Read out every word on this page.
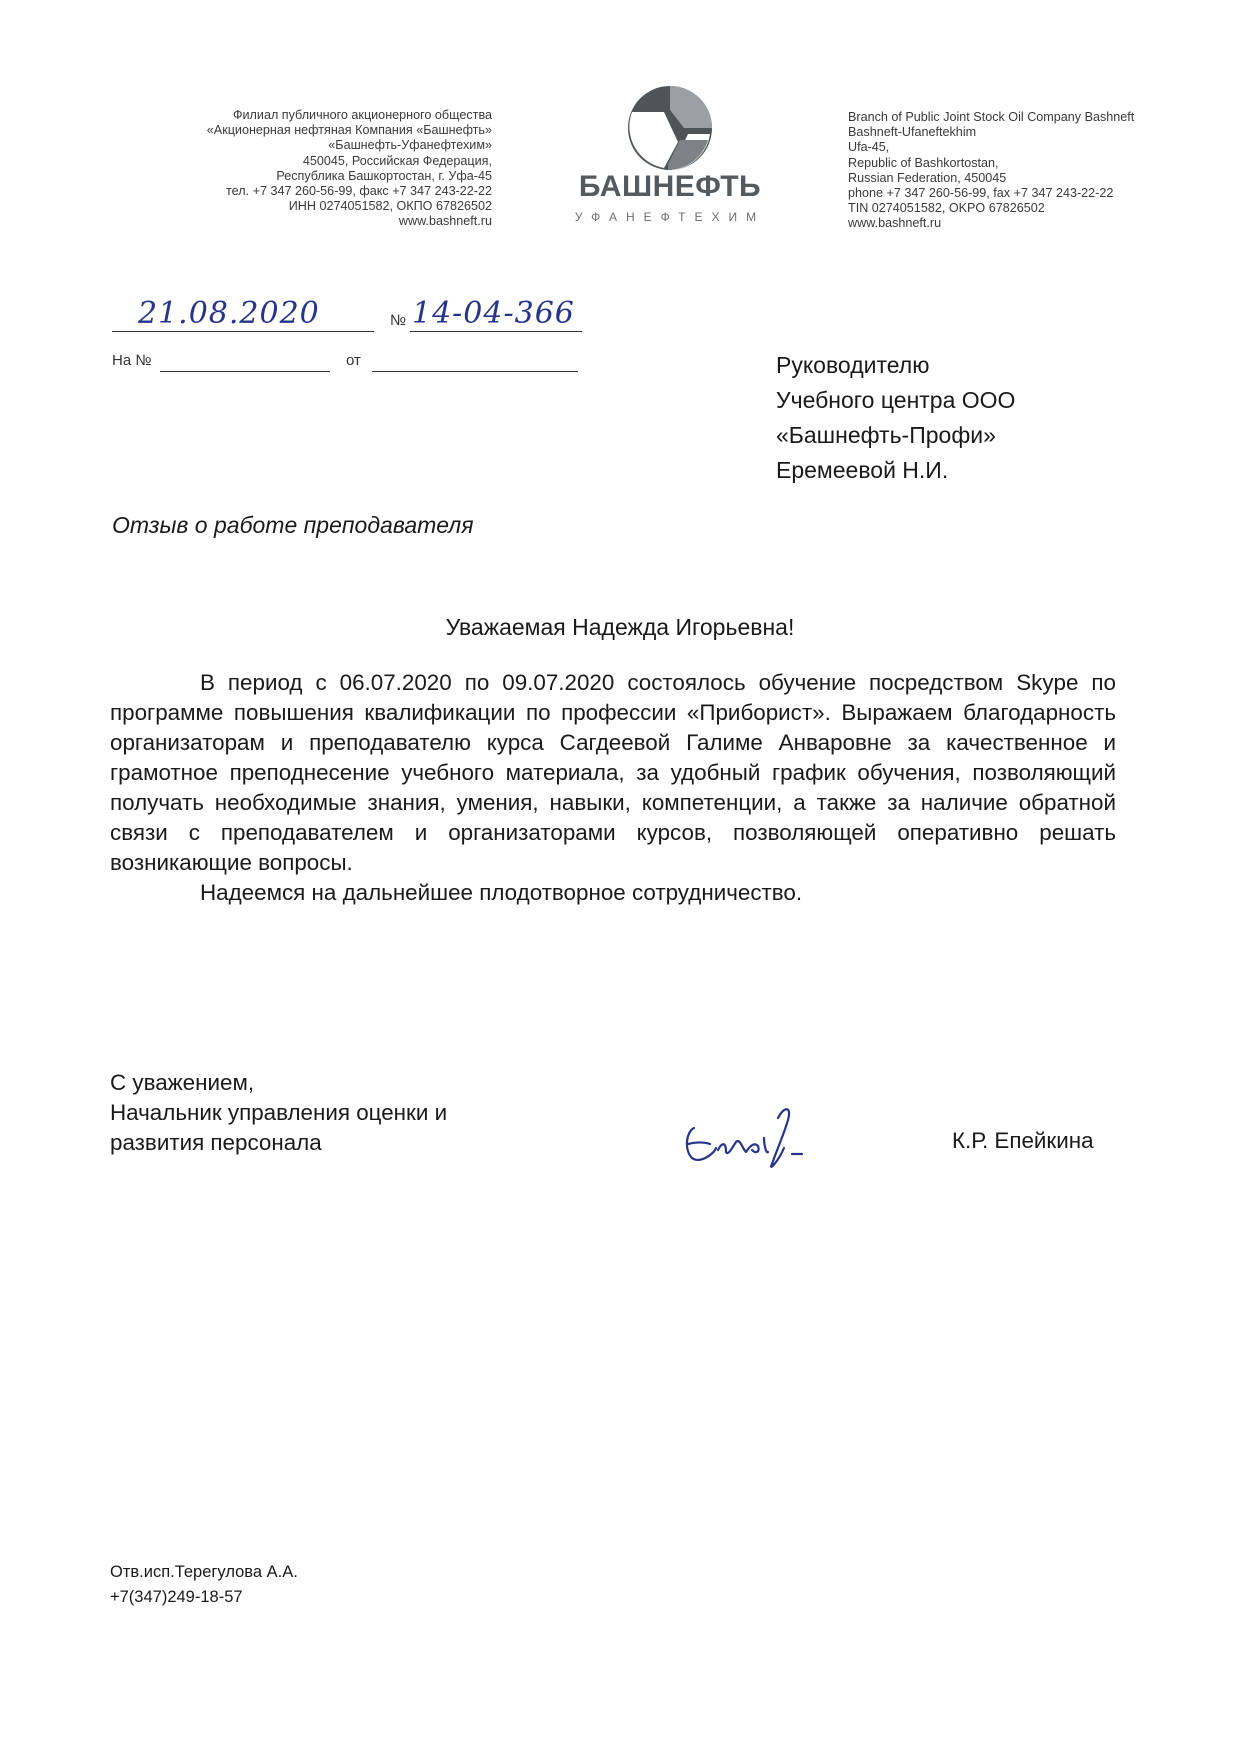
Филиал публичного акционерного общества
«Акционерная нефтяная Компания «Башнефть»
«Башнефть-Уфанефтехим»
450045, Российская Федерация,
Республика Башкортостан, г. Уфа-45
тел. +7 347 260-56-99, факс +7 347 243-22-22
ИНН 0274051582, ОКПО 67826502
www.bashneft.ru
БАШНЕФТЬ
УФАНЕФТЕХИМ
Branch of Public Joint Stock Oil Company Bashneft
Bashneft-Ufaneftekhim
Ufa-45,
Republic of Bashkortostan,
Russian Federation, 450045
phone +7 347 260-56-99, fax +7 347 243-22-22
TIN 0274051582, OKPO 67826502
www.bashneft.ru
21.08.2020	№ 14-04-366
На №	от	Руководителю
Учебного центра ООО
«Башнефть-Профи»
Еремеевой Н.И.
Отзыв о работе преподавателя
Уважаемая Надежда Игорьевна!

В период с 06.07.2020 по 09.07.2020 состоялось обучение посредством Skype по программе повышения квалификации по профессии «Приборист». Выражаем благодарность организаторам и преподавателю курса Сагдеевой Галиме Анваровне за качественное и грамотное преподнесение учебного материала, за удобный график обучения, позволяющий получать необходимые знания, умения, навыки, компетенции, а также за наличие обратной связи с преподавателем и организаторами курсов, позволяющей оперативно решать возникающие вопросы.

Надеемся на дальнейшее плодотворное сотрудничество.

С уважением,
Начальник управления оценки и
развития персонала	К.Р. Епейкина
Отв.исп.Терегулова А.А.
+7(347)249-18-57
